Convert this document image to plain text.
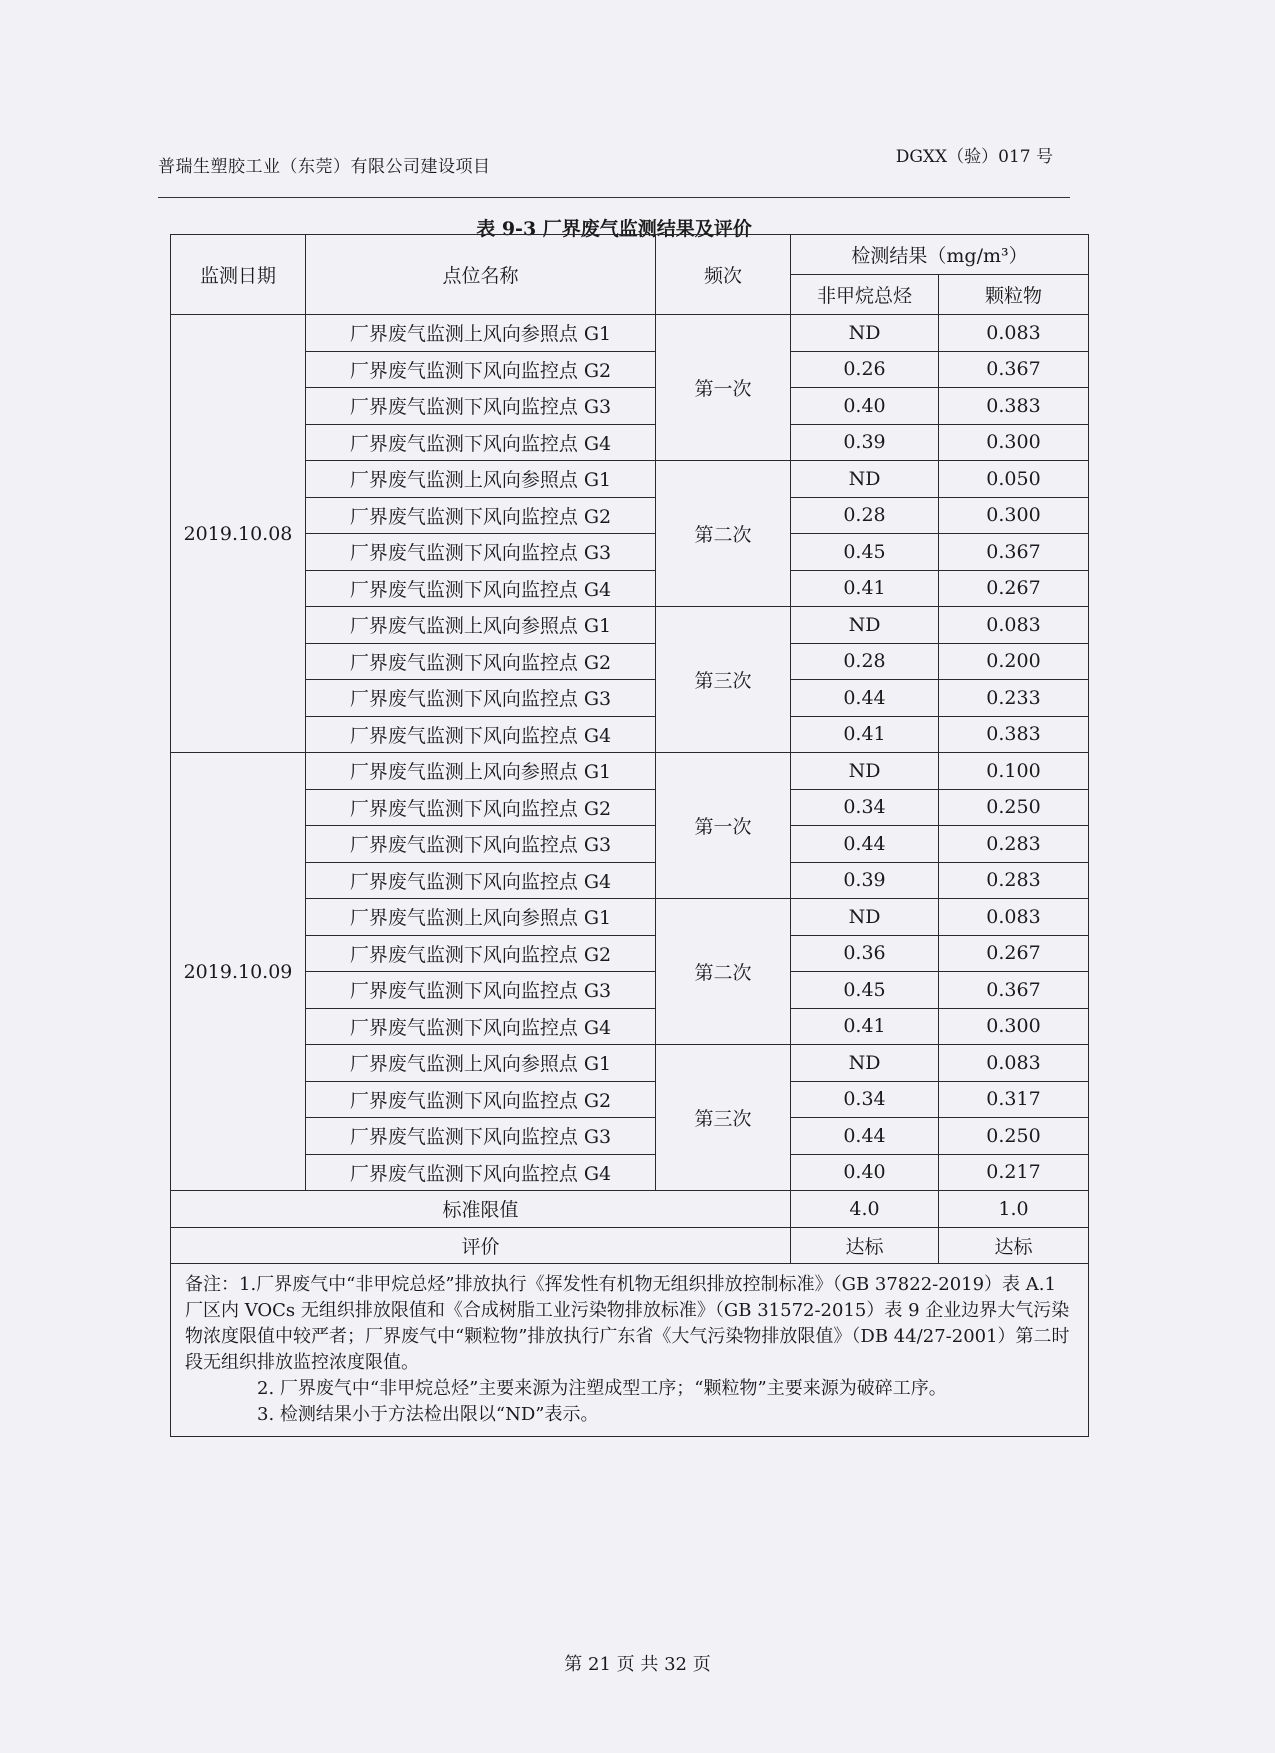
普瑞生塑胶工业（东莞）有限公司建设项目	DGXX（验）017 号
表 9-3 厂界废气监测结果及评价
监测日期	点位名称	频次	检测结果（mg/m³）	
			非甲烷总烃	颗粒物
2019.10.08	厂界废气监测上风向参照点 G1	第一次	ND	0.083
	厂界废气监测下风向监控点 G2		0.26	0.367
	厂界废气监测下风向监控点 G3		0.40	0.383
	厂界废气监测下风向监控点 G4		0.39	0.300
	厂界废气监测上风向参照点 G1	第二次	ND	0.050
	厂界废气监测下风向监控点 G2		0.28	0.300
	厂界废气监测下风向监控点 G3		0.45	0.367
	厂界废气监测下风向监控点 G4		0.41	0.267
	厂界废气监测上风向参照点 G1	第三次	ND	0.083
	厂界废气监测下风向监控点 G2		0.28	0.200
	厂界废气监测下风向监控点 G3		0.44	0.233
	厂界废气监测下风向监控点 G4		0.41	0.383
2019.10.09	厂界废气监测上风向参照点 G1	第一次	ND	0.100
	厂界废气监测下风向监控点 G2		0.34	0.250
	厂界废气监测下风向监控点 G3		0.44	0.283
	厂界废气监测下风向监控点 G4		0.39	0.283
	厂界废气监测上风向参照点 G1	第二次	ND	0.083
	厂界废气监测下风向监控点 G2		0.36	0.267
	厂界废气监测下风向监控点 G3		0.45	0.367
	厂界废气监测下风向监控点 G4		0.41	0.300
	厂界废气监测上风向参照点 G1	第三次	ND	0.083
	厂界废气监测下风向监控点 G2		0.34	0.317
	厂界废气监测下风向监控点 G3		0.44	0.250
	厂界废气监测下风向监控点 G4		0.40	0.217
标准限值			4.0	1.0
评价			达标	达标

备注：1.厂界废气中“非甲烷总烃”排放执行《挥发性有机物无组织排放控制标准》（GB 37822-2019）表 A.1 厂区内 VOCs 无组织排放限值和《合成树脂工业污染物排放标准》（GB 31572-2015）表 9 企业边界大气污染物浓度限值中较严者；厂界废气中“颗粒物”排放执行广东省《大气污染物排放限值》（DB 44/27-2001）第二时段无组织排放监控浓度限值。
2. 厂界废气中“非甲烷总烃”主要来源为注塑成型工序；“颗粒物”主要来源为破碎工序。
3. 检测结果小于方法检出限以“ND”表示。				
第 21 页 共 32 页
